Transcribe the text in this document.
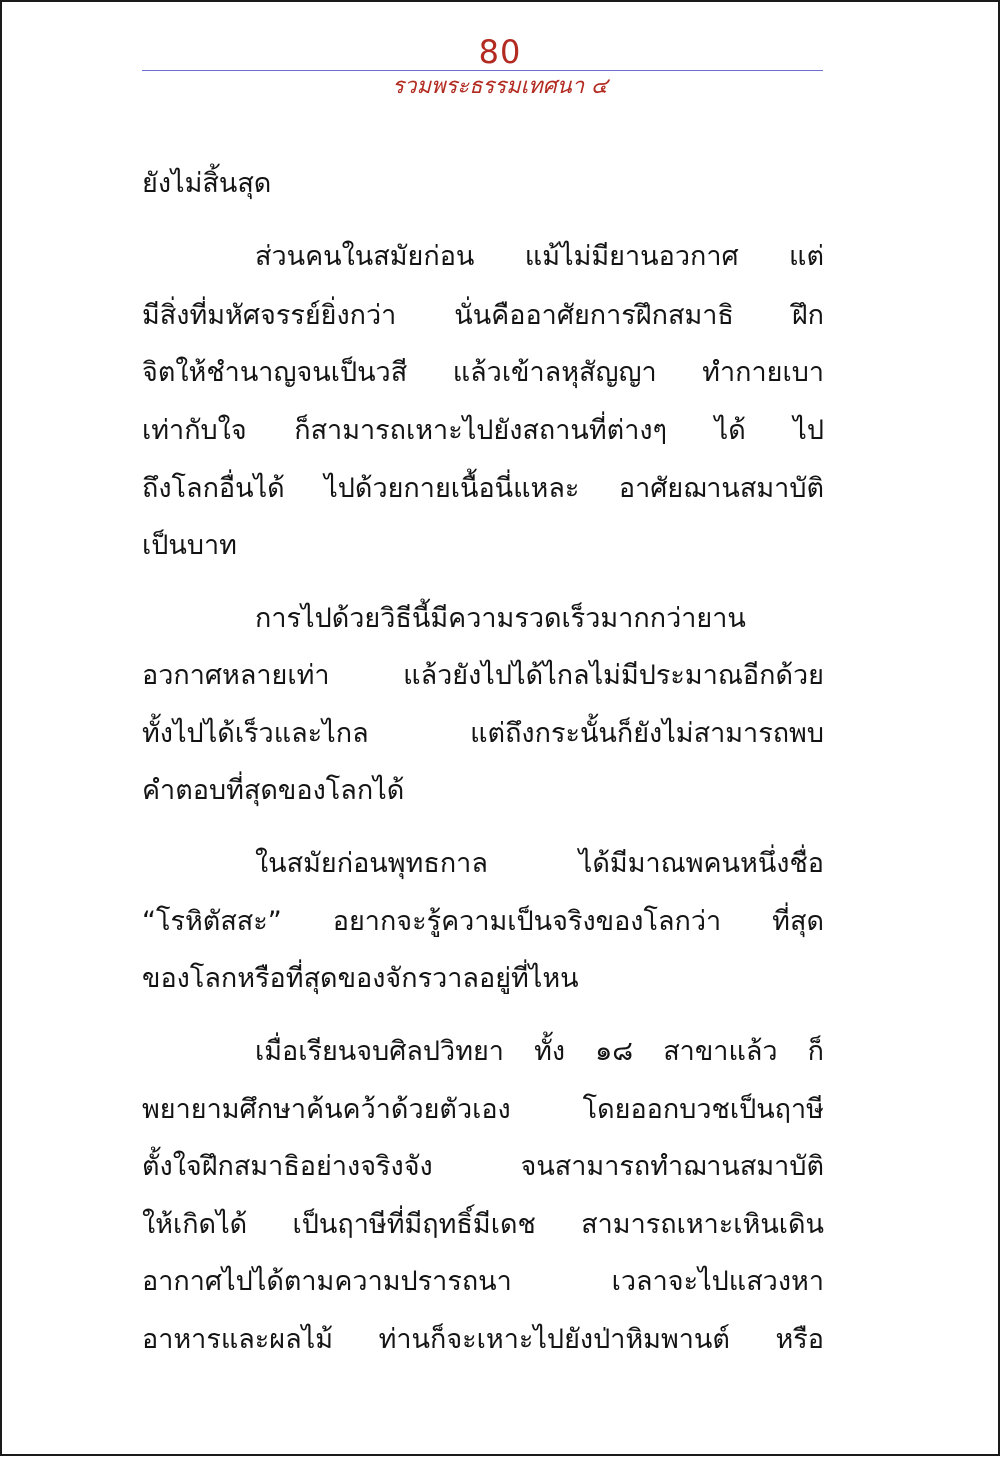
80
รวมพระธรรมเทศนา ๔
ยังไม่สิ้นสุด
ส่วนคนในสมัยก่อน แม้ไม่มียานอวกาศ แต่
มีสิ่งที่มหัศจรรย์ยิ่งกว่า นั่นคืออาศัยการฝึกสมาธิ ฝึก
จิตให้ชำนาญจนเป็นวสี แล้วเข้าลหุสัญญา ทำกายเบา
เท่ากับใจ ก็สามารถเหาะไปยังสถานที่ต่างๆ ได้ ไป
ถึงโลกอื่นได้ ไปด้วยกายเนื้อนี่แหละ อาศัยฌานสมาบัติ
เป็นบาท
การไปด้วยวิธีนี้มีความรวดเร็วมากกว่ายาน
อวกาศหลายเท่า แล้วยังไปได้ไกลไม่มีประมาณอีกด้วย
ทั้งไปได้เร็วและไกล แต่ถึงกระนั้นก็ยังไม่สามารถพบ
คำตอบที่สุดของโลกได้
ในสมัยก่อนพุทธกาล ได้มีมาณพคนหนึ่งชื่อ
“โรหิตัสสะ” อยากจะรู้ความเป็นจริงของโลกว่า ที่สุด
ของโลกหรือที่สุดของจักรวาลอยู่ที่ไหน
เมื่อเรียนจบศิลปวิทยา ทั้ง ๑๘ สาขาแล้ว ก็
พยายามศึกษาค้นคว้าด้วยตัวเอง โดยออกบวชเป็นฤาษี
ตั้งใจฝึกสมาธิอย่างจริงจัง จนสามารถทำฌานสมาบัติ
ให้เกิดได้ เป็นฤาษีที่มีฤทธิ์มีเดช สามารถเหาะเหินเดิน
อากาศไปได้ตามความปรารถนา เวลาจะไปแสวงหา
อาหารและผลไม้ ท่านก็จะเหาะไปยังป่าหิมพานต์ หรือ
